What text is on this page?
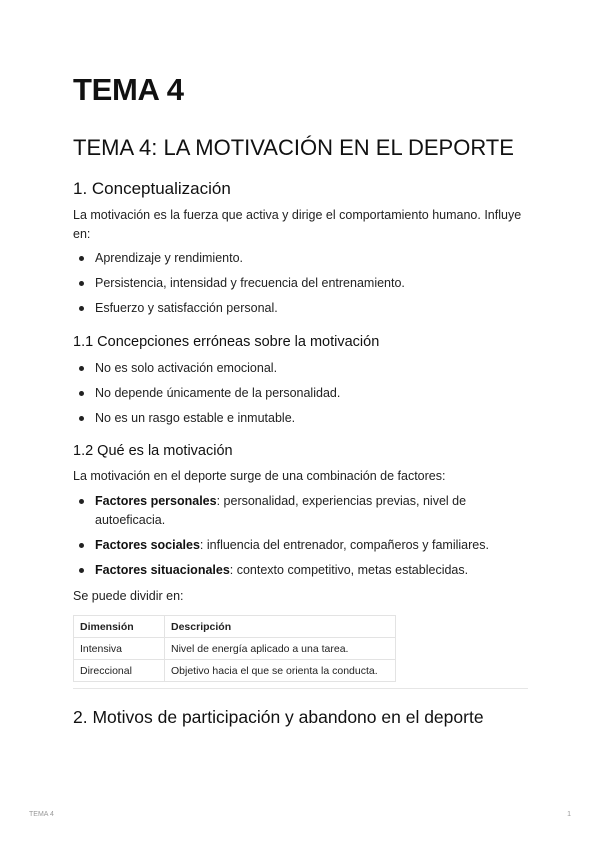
TEMA 4
TEMA 4: LA MOTIVACIÓN EN EL DEPORTE
1. Conceptualización

La motivación es la fuerza que activa y dirige el comportamiento humano. Influye en:

Aprendizaje y rendimiento.
Persistencia, intensidad y frecuencia del entrenamiento.
Esfuerzo y satisfacción personal.
1.1 Concepciones erróneas sobre la motivación
No es solo activación emocional.
No depende únicamente de la personalidad.
No es un rasgo estable e inmutable.
1.2 Qué es la motivación

La motivación en el deporte surge de una combinación de factores:

Factores personales: personalidad, experiencias previas, nivel de autoeficacia.
Factores sociales: influencia del entrenador, compañeros y familiares.
Factores situacionales: contexto competitivo, metas establecidas.

Se puede dividir en:

Dimensión	Descripción
Intensiva	Nivel de energía aplicado a una tarea.
Direccional	Objetivo hacia el que se orienta la conducta.
2. Motivos de participación y abandono en el deporte
TEMA 4	1
